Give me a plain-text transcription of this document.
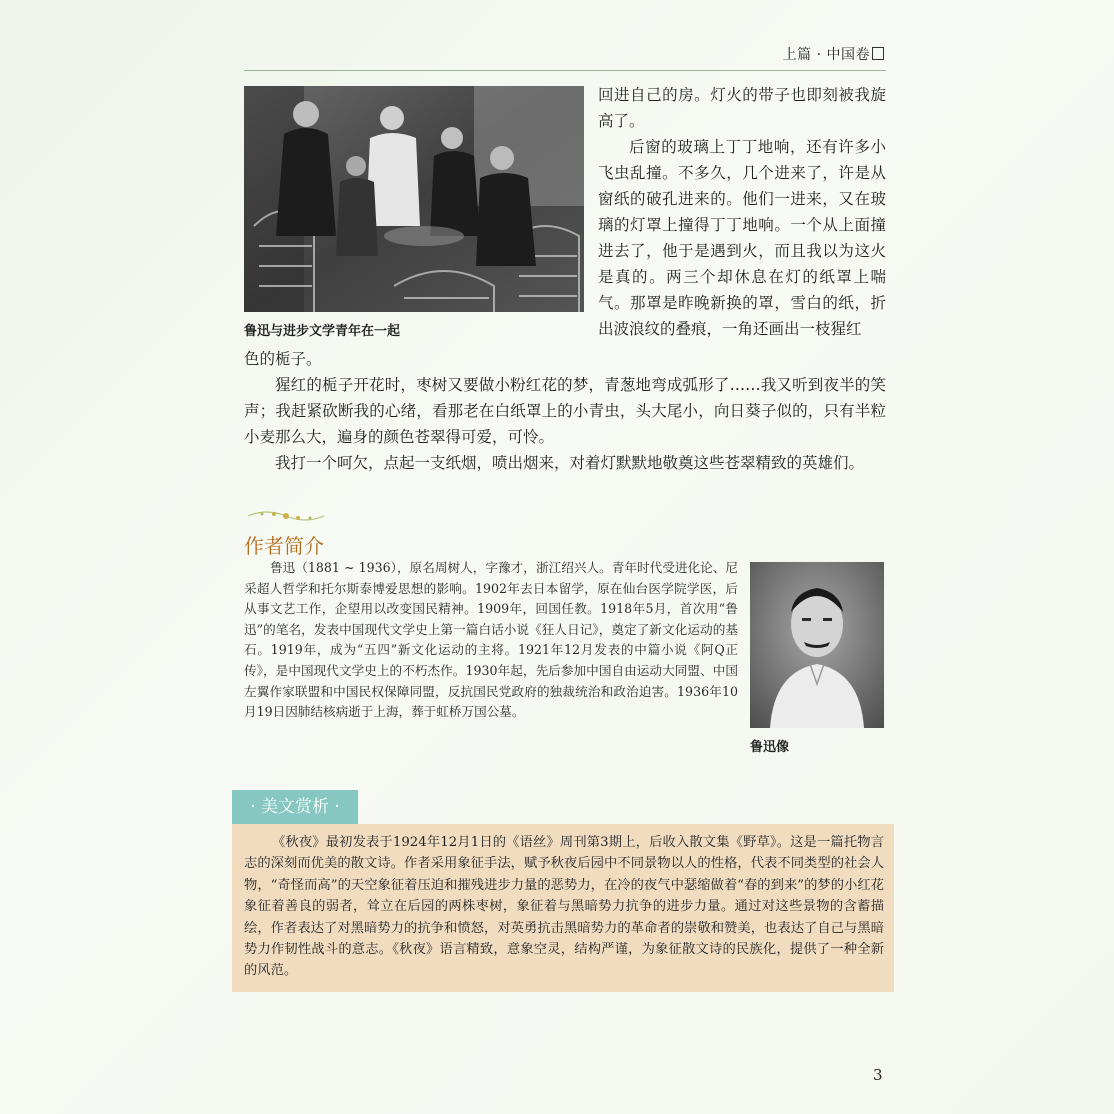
上篇 · 中国卷
鲁迅与进步文学青年在一起

回进自己的房。灯火的带子也即刻被我旋高了。

后窗的玻璃上丁丁地响，还有许多小飞虫乱撞。不多久，几个进来了，许是从窗纸的破孔进来的。他们一进来，又在玻璃的灯罩上撞得丁丁地响。一个从上面撞进去了，他于是遇到火，而且我以为这火是真的。两三个却休息在灯的纸罩上喘气。那罩是昨晚新换的罩，雪白的纸，折出波浪纹的叠痕，一角还画出一枝猩红

色的栀子。

猩红的栀子开花时，枣树又要做小粉红花的梦，青葱地弯成弧形了……我又听到夜半的笑声；我赶紧砍断我的心绪，看那老在白纸罩上的小青虫，头大尾小，向日葵子似的，只有半粒小麦那么大，遍身的颜色苍翠得可爱，可怜。

我打一个呵欠，点起一支纸烟，喷出烟来，对着灯默默地敬奠这些苍翠精致的英雄们。

作者简介

鲁迅（1881 ~ 1936），原名周树人，字豫才，浙江绍兴人。青年时代受进化论、尼采超人哲学和托尔斯泰博爱思想的影响。1902年去日本留学，原在仙台医学院学医，后从事文艺工作，企望用以改变国民精神。1909年，回国任教。1918年5月，首次用“鲁迅”的笔名，发表中国现代文学史上第一篇白话小说《狂人日记》，奠定了新文化运动的基石。1919年，成为“五四”新文化运动的主将。1921年12月发表的中篇小说《阿Q正传》，是中国现代文学史上的不朽杰作。1930年起，先后参加中国自由运动大同盟、中国左翼作家联盟和中国民权保障同盟，反抗国民党政府的独裁统治和政治迫害。1936年10月19日因肺结核病逝于上海，葬于虹桥万国公墓。

鲁迅像
· 美文赏析 ·

《秋夜》最初发表于1924年12月1日的《语丝》周刊第3期上，后收入散文集《野草》。这是一篇托物言志的深刻而优美的散文诗。作者采用象征手法，赋予秋夜后园中不同景物以人的性格，代表不同类型的社会人物，“奇怪而高”的天空象征着压迫和摧残进步力量的恶势力，在冷的夜气中瑟缩做着“春的到来”的梦的小红花象征着善良的弱者，耸立在后园的两株枣树，象征着与黑暗势力抗争的进步力量。通过对这些景物的含蓄描绘，作者表达了对黑暗势力的抗争和愤怒，对英勇抗击黑暗势力的革命者的崇敬和赞美，也表达了自己与黑暗势力作韧性战斗的意志。《秋夜》语言精致，意象空灵，结构严谨，为象征散文诗的民族化，提供了一种全新的风范。

3
